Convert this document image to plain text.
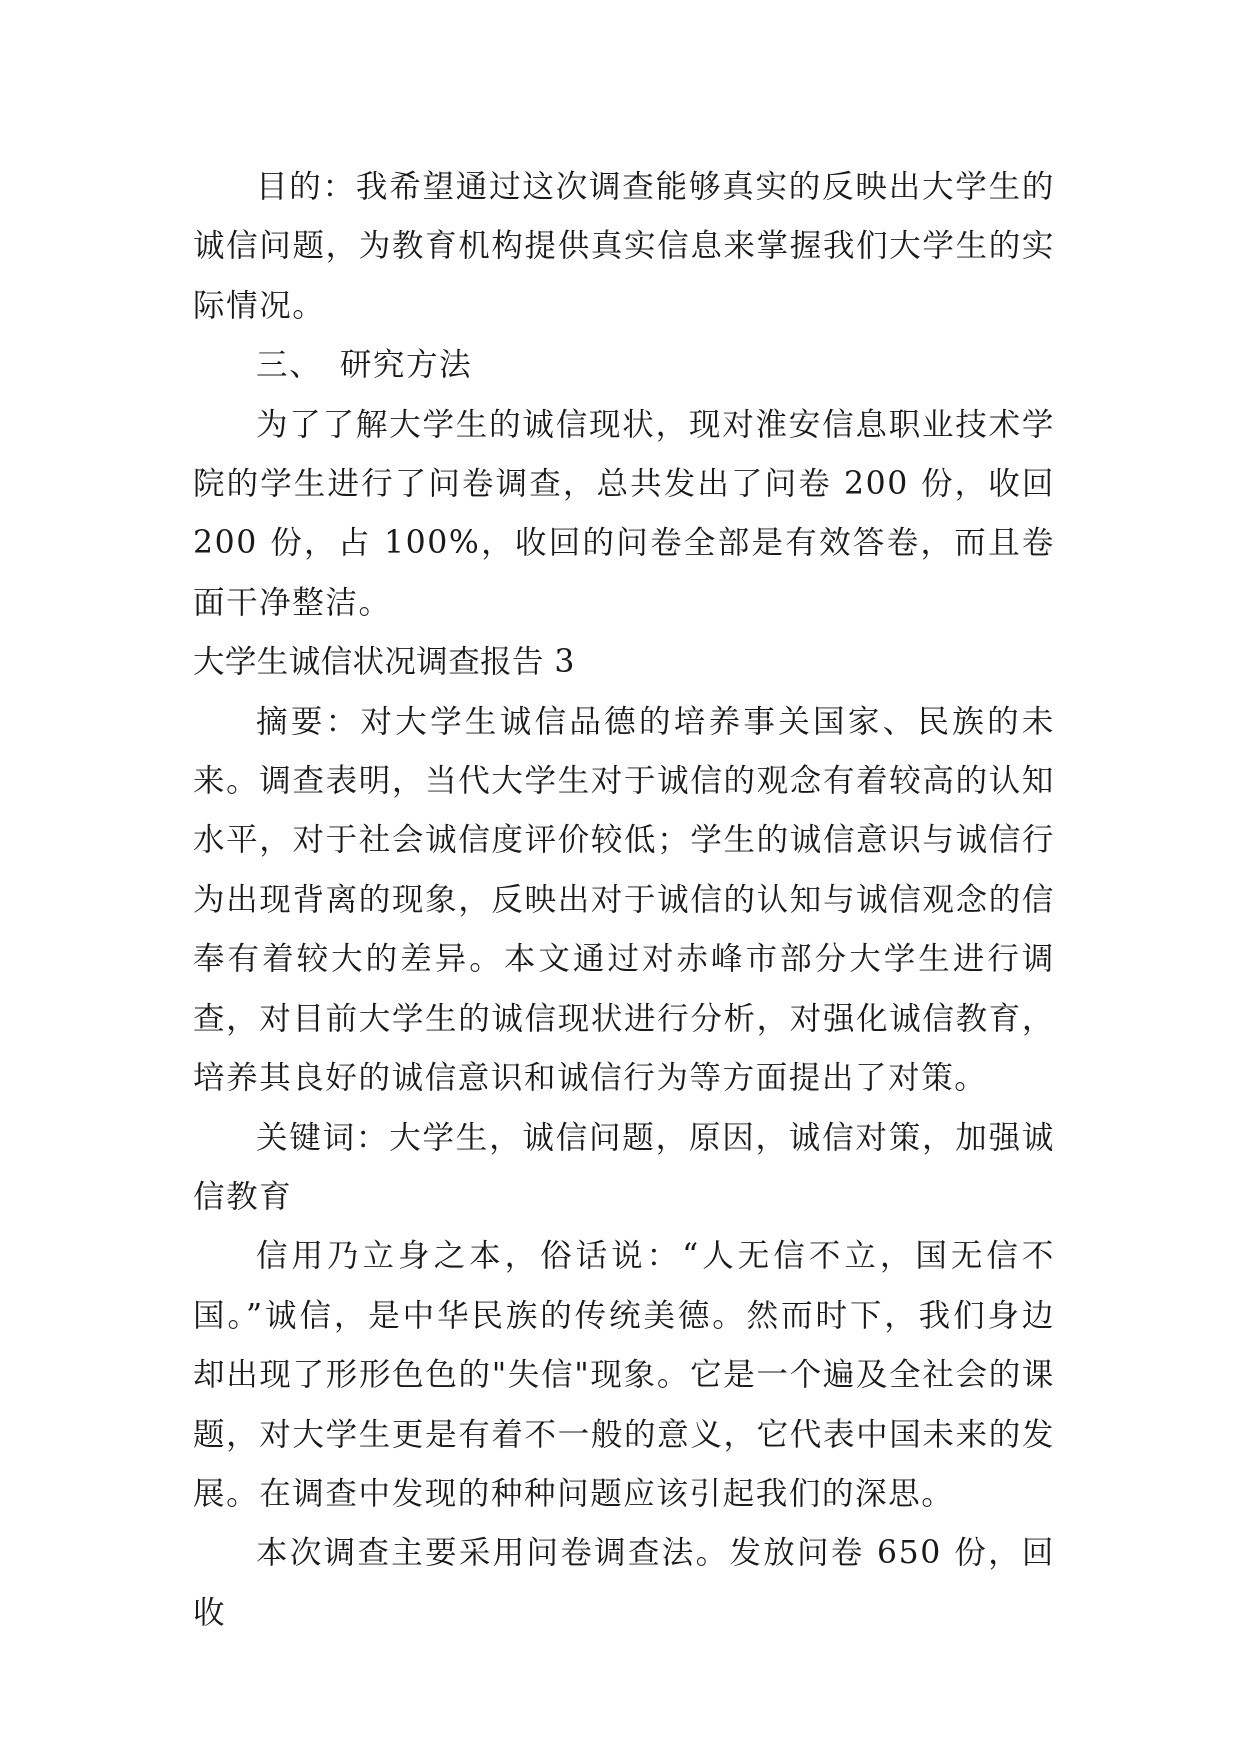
目的：我希望通过这次调查能够真实的反映出大学生的诚信问题，为教育机构提供真实信息来掌握我们大学生的实际情况。

三、 研究方法

为了了解大学生的诚信现状，现对淮安信息职业技术学院的学生进行了问卷调查，总共发出了问卷 200 份，收回 200 份，占 100%，收回的问卷全部是有效答卷，而且卷面干净整洁。

大学生诚信状况调查报告 3

摘要：对大学生诚信品德的培养事关国家、民族的未来。调查表明，当代大学生对于诚信的观念有着较高的认知水平，对于社会诚信度评价较低；学生的诚信意识与诚信行为出现背离的现象，反映出对于诚信的认知与诚信观念的信奉有着较大的差异。本文通过对赤峰市部分大学生进行调查，对目前大学生的诚信现状进行分析，对强化诚信教育，培养其良好的诚信意识和诚信行为等方面提出了对策。

关键词：大学生，诚信问题，原因，诚信对策，加强诚信教育

信用乃立身之本，俗话说：“人无信不立，国无信不国。”诚信，是中华民族的传统美德。然而时下，我们身边却出现了形形色色的"失信"现象。它是一个遍及全社会的课题，对大学生更是有着不一般的意义，它代表中国未来的发展。在调查中发现的种种问题应该引起我们的深思。

本次调查主要采用问卷调查法。发放问卷 650 份，回收
